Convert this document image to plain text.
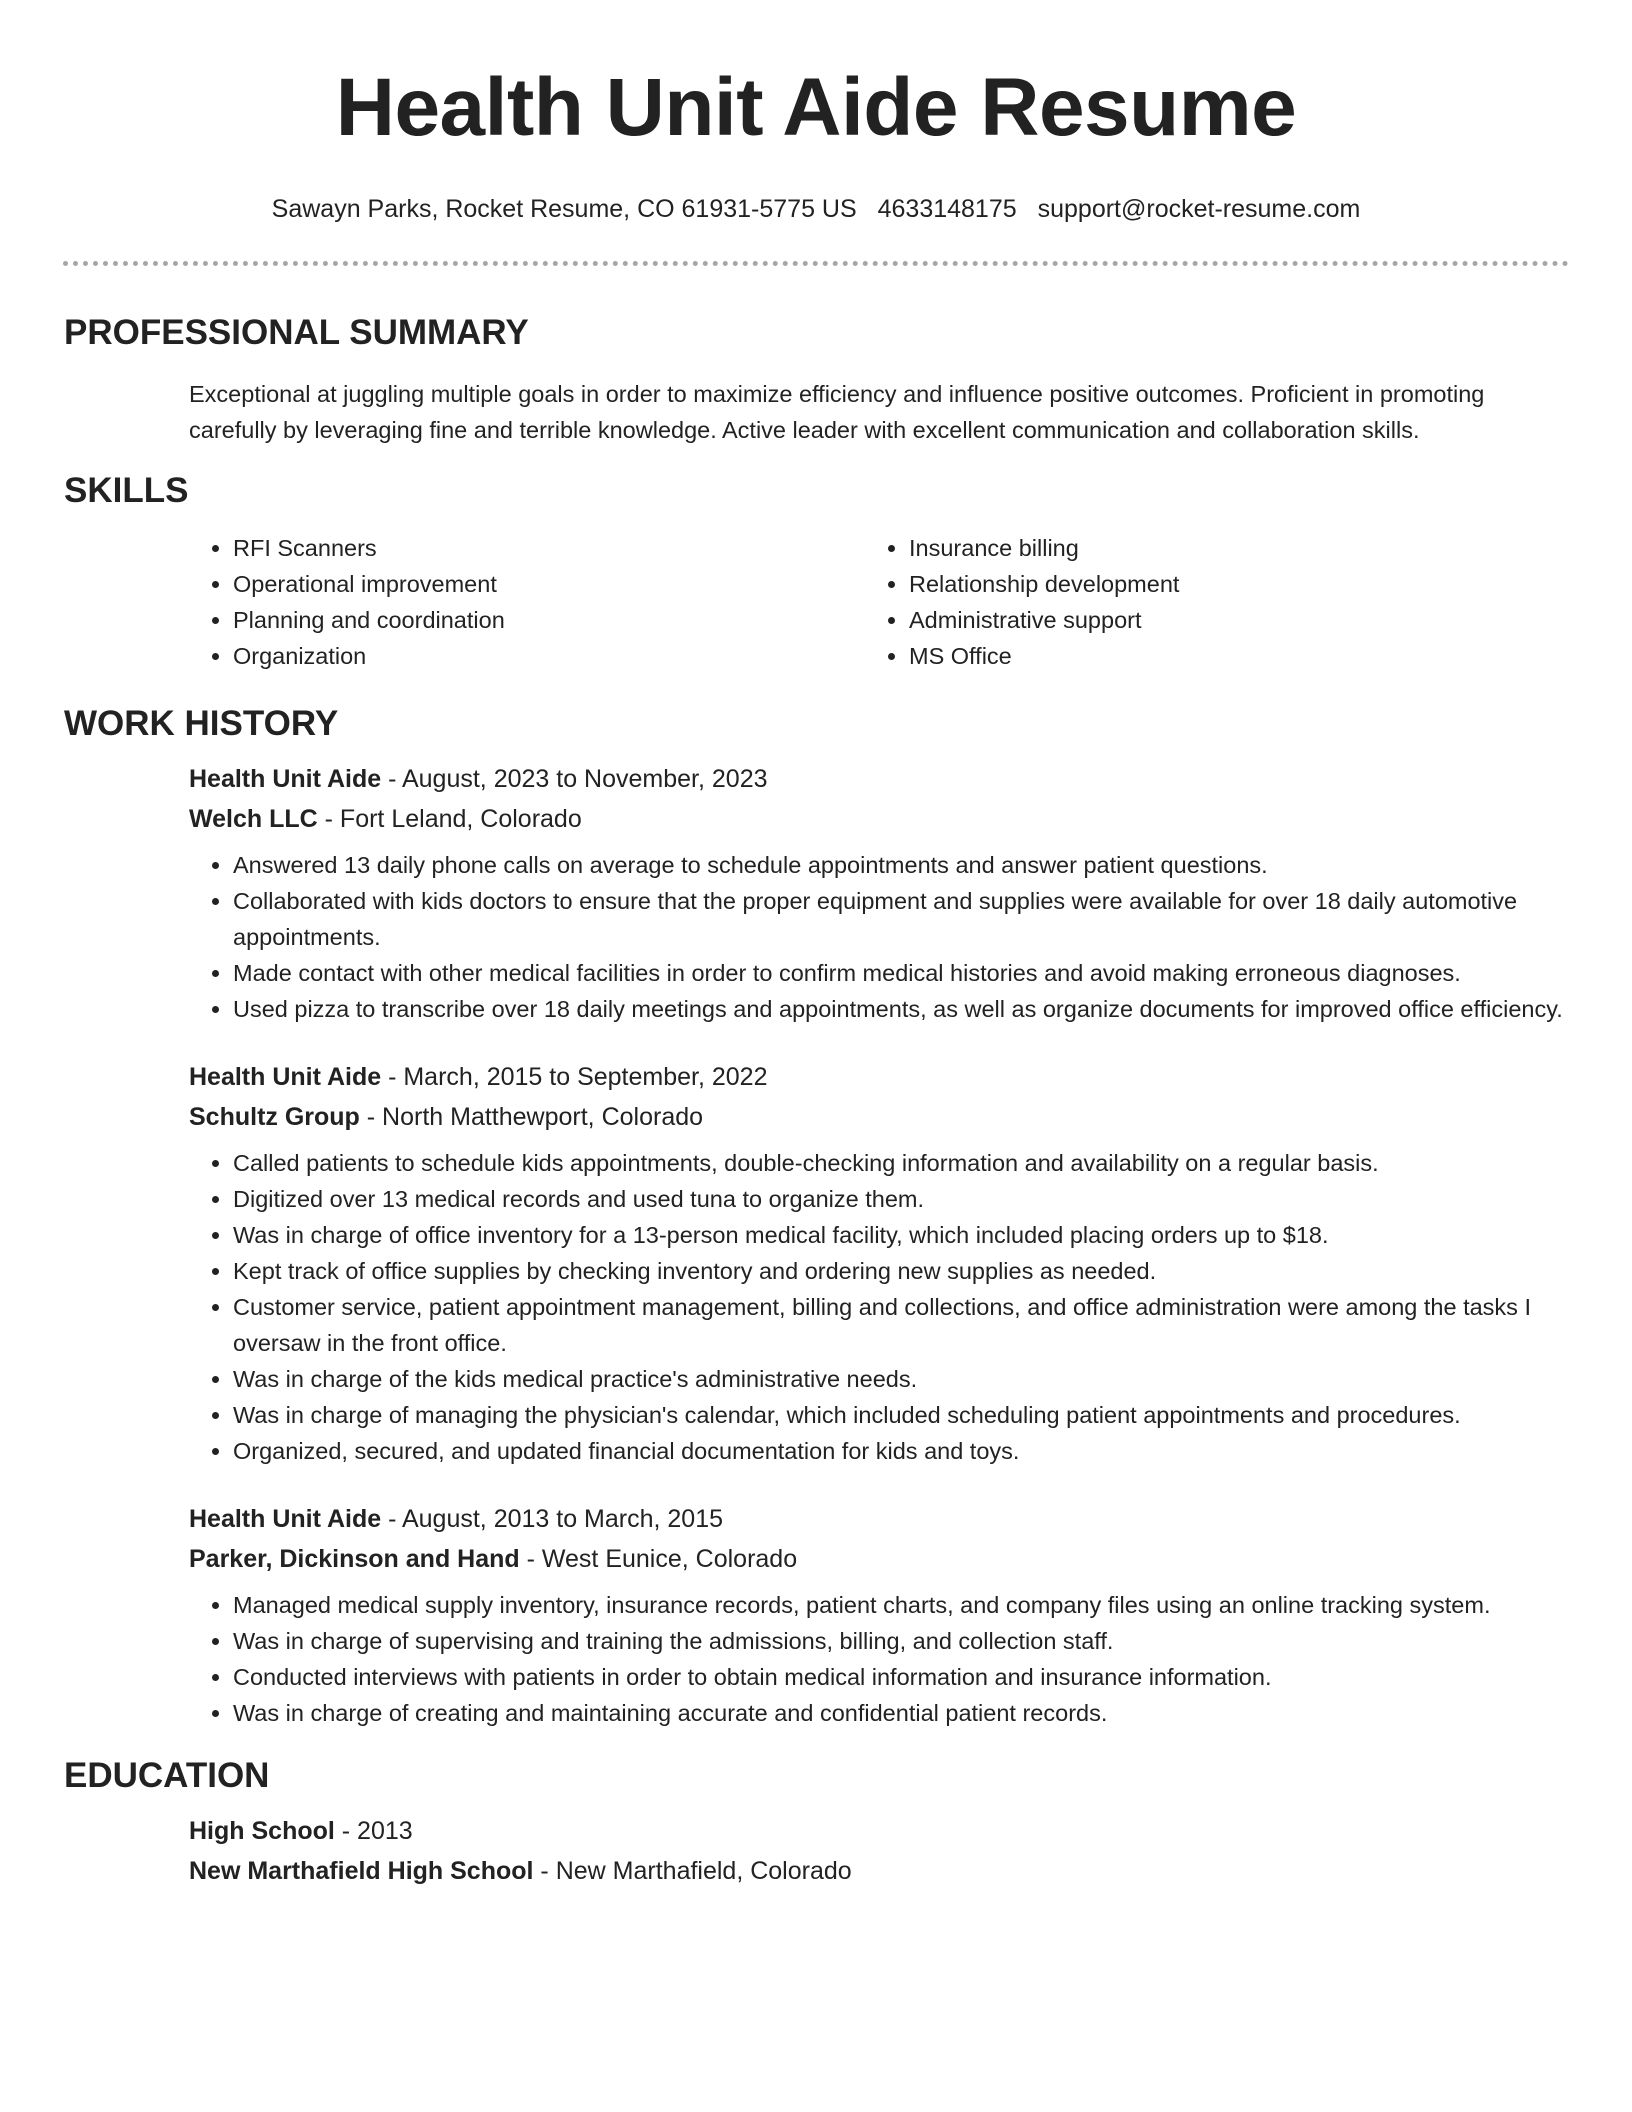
Health Unit Aide Resume
Sawayn Parks, Rocket Resume, CO 61931-5775 US 4633148175 support@rocket-resume.com
PROFESSIONAL SUMMARY
Exceptional at juggling multiple goals in order to maximize efficiency and influence positive outcomes. Proficient in promoting carefully by leveraging fine and terrible knowledge. Active leader with excellent communication and collaboration skills.
SKILLS
• RFI Scanners
• Operational improvement
• Planning and coordination
• Organization
• Insurance billing
• Relationship development
• Administrative support
• MS Office
WORK HISTORY
Health Unit Aide - August, 2023 to November, 2023
Welch LLC - Fort Leland, Colorado
• Answered 13 daily phone calls on average to schedule appointments and answer patient questions.
• Collaborated with kids doctors to ensure that the proper equipment and supplies were available for over 18 daily automotive appointments.
• Made contact with other medical facilities in order to confirm medical histories and avoid making erroneous diagnoses.
• Used pizza to transcribe over 18 daily meetings and appointments, as well as organize documents for improved office efficiency.
Health Unit Aide - March, 2015 to September, 2022
Schultz Group - North Matthewport, Colorado
• Called patients to schedule kids appointments, double-checking information and availability on a regular basis.
• Digitized over 13 medical records and used tuna to organize them.
• Was in charge of office inventory for a 13-person medical facility, which included placing orders up to $18.
• Kept track of office supplies by checking inventory and ordering new supplies as needed.
• Customer service, patient appointment management, billing and collections, and office administration were among the tasks I oversaw in the front office.
• Was in charge of the kids medical practice's administrative needs.
• Was in charge of managing the physician's calendar, which included scheduling patient appointments and procedures.
• Organized, secured, and updated financial documentation for kids and toys.
Health Unit Aide - August, 2013 to March, 2015
Parker, Dickinson and Hand - West Eunice, Colorado
• Managed medical supply inventory, insurance records, patient charts, and company files using an online tracking system.
• Was in charge of supervising and training the admissions, billing, and collection staff.
• Conducted interviews with patients in order to obtain medical information and insurance information.
• Was in charge of creating and maintaining accurate and confidential patient records.
EDUCATION
High School - 2013
New Marthafield High School - New Marthafield, Colorado
